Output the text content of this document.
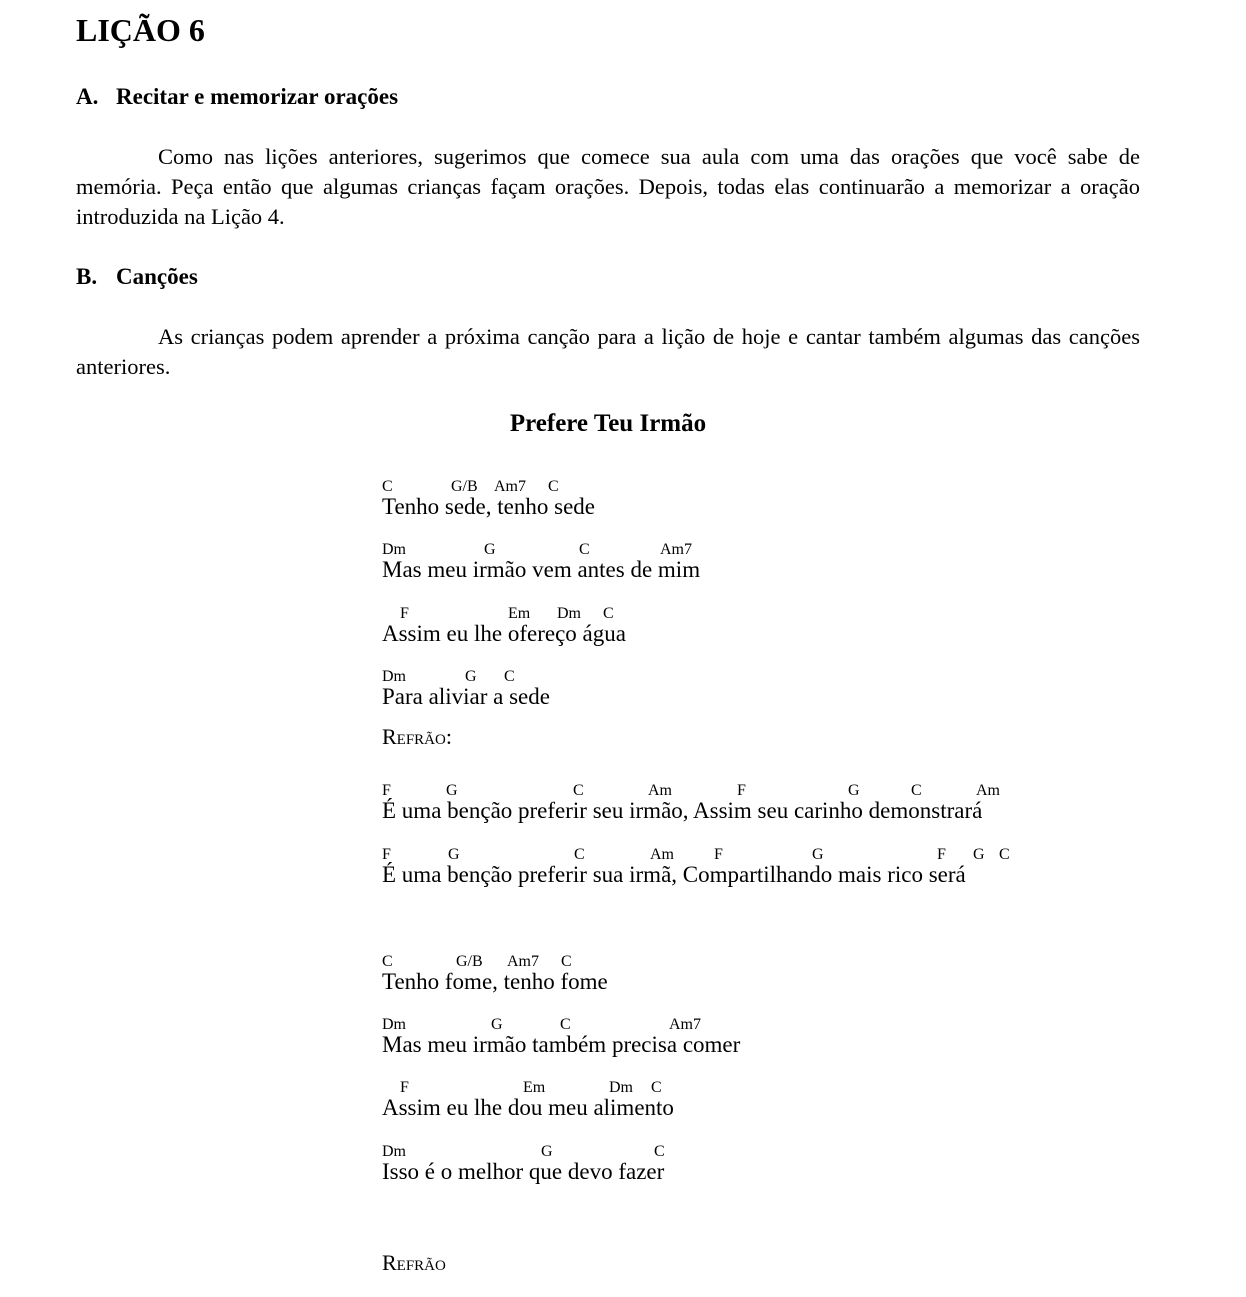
LIÇÃO 6
A. Recitar e memorizar orações

Como nas lições anteriores, sugerimos que comece sua aula com uma das orações que você sabe de memória. Peça então que algumas crianças façam orações. Depois, todas elas continuarão a memorizar a oração introduzida na Lição 4.

B. Canções

As crianças podem aprender a próxima canção para a lição de hoje e cantar também algumas das canções anteriores.

Prefere Teu Irmão
C	G/B Am7 C
Tenho sede, tenho sede
Dm	G	C	Am7
Mas meu irmão vem antes de mim
F	Em Dm C
Assim eu lhe ofereço água
Dm	G C
Para aliviar a sede
Refrão:
F	G	C	Am	F	G	C	Am
É uma benção preferir seu irmão, Assim seu carinho demonstrará
F	G	C	Am	F	G	F G C
É uma benção preferir sua irmã, Compartilhando mais rico será
C	G/B Am7 C
Tenho fome, tenho fome
Dm	G	C	Am7
Mas meu irmão também precisa comer
F	Em	Dm C
Assim eu lhe dou meu alimento
Dm	G	C
Isso é o melhor que devo fazer
Refrão
